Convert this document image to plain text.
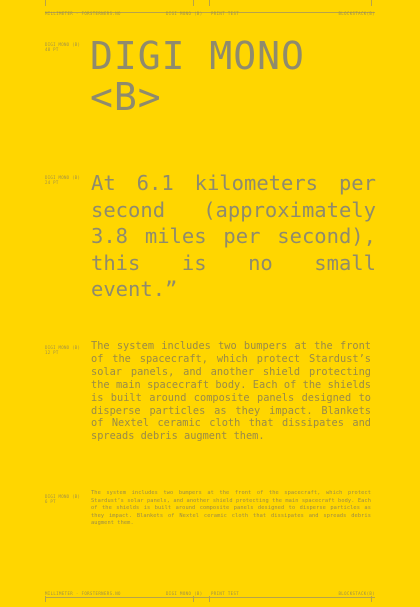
MILLIMETER · FORSTERNERS.NO	DIGI MONO (B) PRINT TEST	BLOCKSTACK(B)
DIGI MONO (B)
48 PT DIGI MONO
<B>
DIGI MONO (B)
24 PT	At 6.1 kilometers per second (approximately 3.8 miles per second), this is no small event.”
DIGI MONO (B)
12 PT
The system includes two bumpers at the front of the spacecraft, which protect Stardust’s solar panels, and another shield protecting the main spacecraft body. Each of the shields is built around composite panels designed to disperse particles as they impact. Blankets of Nextel ceramic cloth that dissipates and spreads debris augment them.
DIGI MONO (B)
6 PT
The system includes two bumpers at the front of the spacecraft, which protect Stardust’s solar panels, and another shield protecting the main spacecraft body. Each of the shields is built around composite panels designed to disperse particles as they impact. Blankets of Nextel ceramic cloth that dissipates and spreads debris augment them.
MILLIMETER · FORSTERNERS.NO	DIGI MONO (B) PRINT TEST	BLOCKSTACK(B)
